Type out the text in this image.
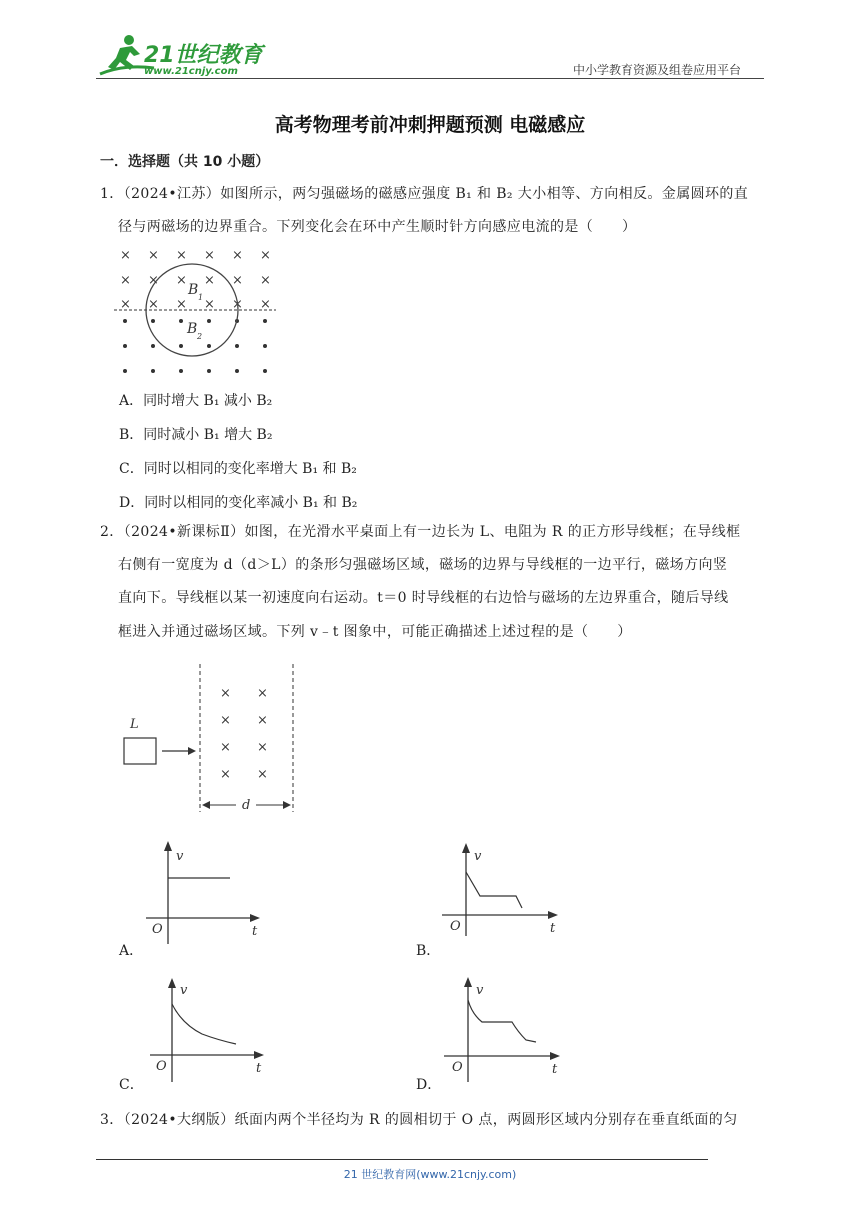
21世纪教育
www.21cnjy.com	中小学教育资源及组卷应用平台
高考物理考前冲刺押题预测 电磁感应
一．选择题（共 10 小题）
1．（2024•江苏）如图所示，两匀强磁场的磁感应强度 B₁ 和 B₂ 大小相等、方向相反。金属圆环的直
径与两磁场的边界重合。下列变化会在环中产生顺时针方向感应电流的是（　　）
× × × × × ×
× × × × × ×
× × × × × ×
B 1
B 2
A．同时增大 B₁ 减小 B₂
B．同时减小 B₁ 增大 B₂
C．同时以相同的变化率增大 B₁ 和 B₂
D．同时以相同的变化率减小 B₁ 和 B₂
2．（2024•新课标Ⅱ）如图，在光滑水平桌面上有一边长为 L、电阻为 R 的正方形导线框；在导线框
右侧有一宽度为 d（d＞L）的条形匀强磁场区域，磁场的边界与导线框的一边平行，磁场方向竖
直向下。导线框以某一初速度向右运动。t＝0 时导线框的右边恰与磁场的左边界重合，随后导线
框进入并通过磁场区域。下列 v﹣t 图象中，可能正确描述上述过程的是（　　）
L
× ×
× ×
× ×
× ×
d
v
O	t
A．
v
O	t
B．
v
O	t
C．
v
O	t
D．
3．（2024•大纲版）纸面内两个半径均为 R 的圆相切于 O 点，两圆形区域内分别存在垂直纸面的匀
21 世纪教育网(www.21cnjy.com)
